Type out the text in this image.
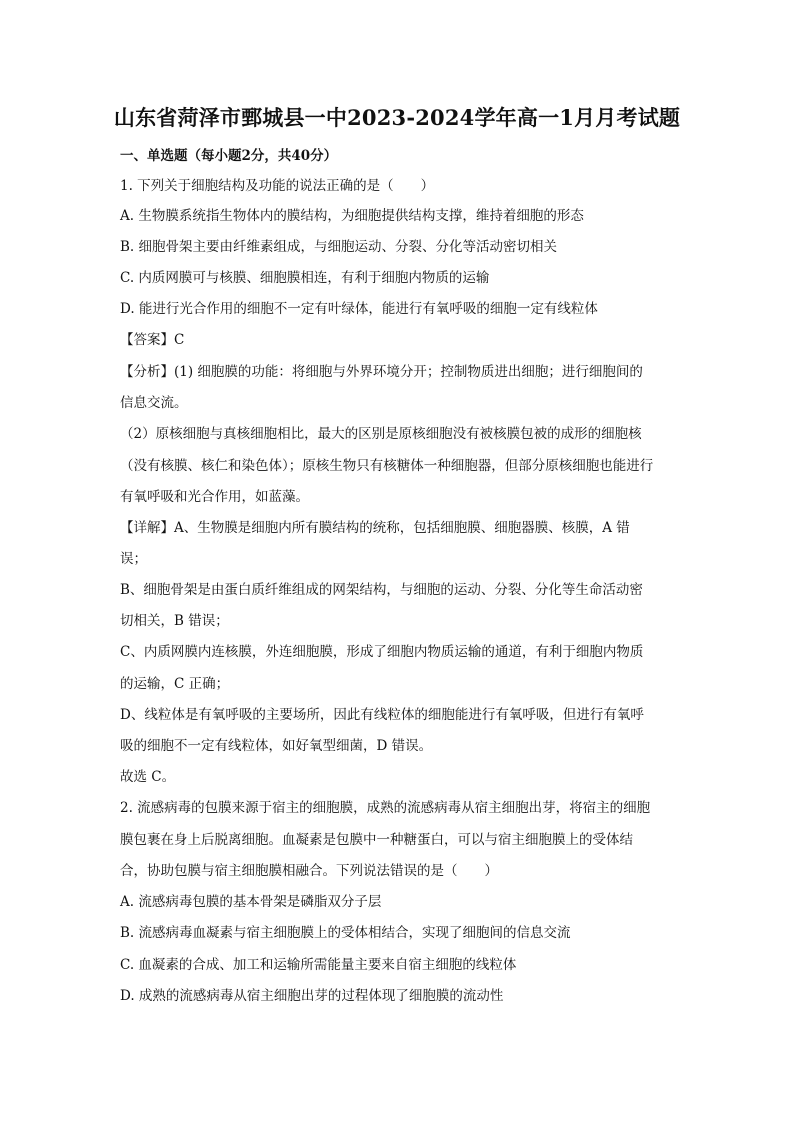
山东省菏泽市鄄城县一中2023-2024学年高一1月月考试题
一、单选题（每小题2分，共40分）
1. 下列关于细胞结构及功能的说法正确的是（　　）
A. 生物膜系统指生物体内的膜结构，为细胞提供结构支撑，维持着细胞的形态
B. 细胞骨架主要由纤维素组成，与细胞运动、分裂、分化等活动密切相关
C. 内质网膜可与核膜、细胞膜相连，有利于细胞内物质的运输
D. 能进行光合作用的细胞不一定有叶绿体，能进行有氧呼吸的细胞一定有线粒体
【答案】C
【分析】(1) 细胞膜的功能：将细胞与外界环境分开；控制物质进出细胞；进行细胞间的
信息交流。
（2）原核细胞与真核细胞相比，最大的区别是原核细胞没有被核膜包被的成形的细胞核
（没有核膜、核仁和染色体）；原核生物只有核糖体一种细胞器，但部分原核细胞也能进行
有氧呼吸和光合作用，如蓝藻。
【详解】A、生物膜是细胞内所有膜结构的统称，包括细胞膜、细胞器膜、核膜，A 错
误；
B、细胞骨架是由蛋白质纤维组成的网架结构，与细胞的运动、分裂、分化等生命活动密
切相关，B 错误；
C、内质网膜内连核膜，外连细胞膜，形成了细胞内物质运输的通道，有利于细胞内物质
的运输，C 正确；
D、线粒体是有氧呼吸的主要场所，因此有线粒体的细胞能进行有氧呼吸，但进行有氧呼
吸的细胞不一定有线粒体，如好氧型细菌，D 错误。
故选 C。
2. 流感病毒的包膜来源于宿主的细胞膜，成熟的流感病毒从宿主细胞出芽，将宿主的细胞
膜包裹在身上后脱离细胞。血凝素是包膜中一种糖蛋白，可以与宿主细胞膜上的受体结
合，协助包膜与宿主细胞膜相融合。下列说法错误的是（　　）
A. 流感病毒包膜的基本骨架是磷脂双分子层
B. 流感病毒血凝素与宿主细胞膜上的受体相结合，实现了细胞间的信息交流
C. 血凝素的合成、加工和运输所需能量主要来自宿主细胞的线粒体
D. 成熟的流感病毒从宿主细胞出芽的过程体现了细胞膜的流动性
